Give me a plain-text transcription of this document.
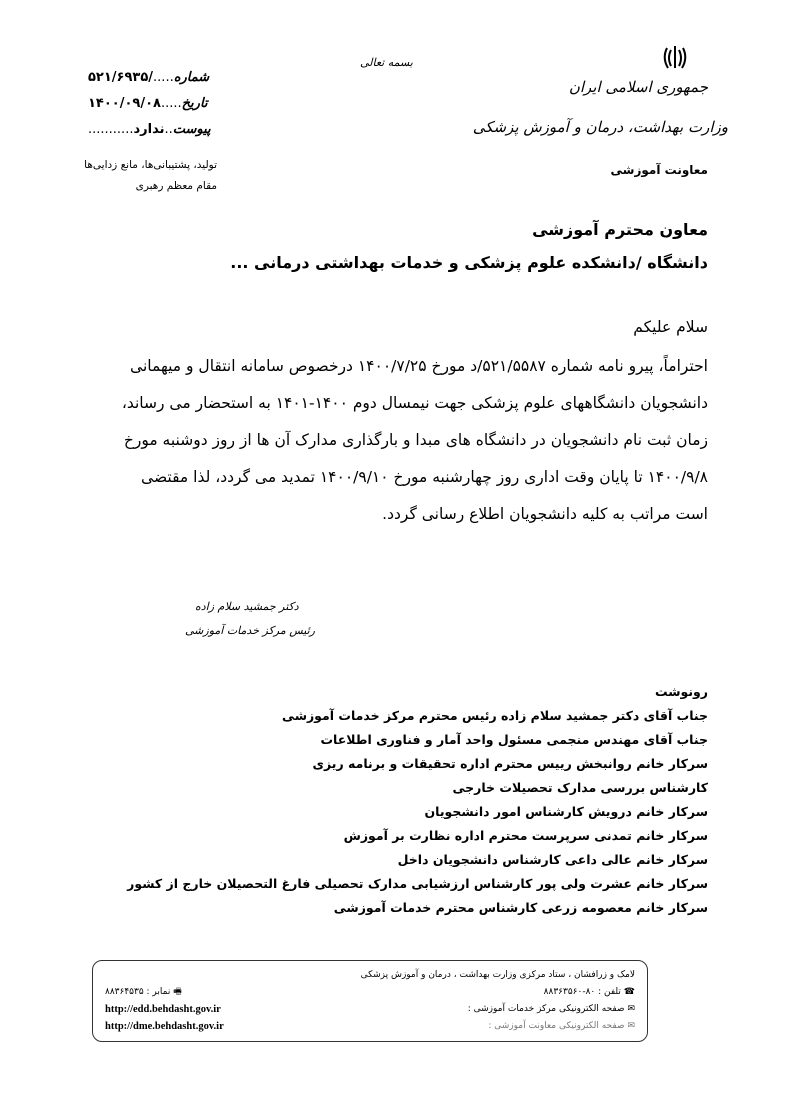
جمهوری اسلامی ایران
وزارت بهداشت، درمان و آموزش پزشکی
معاونت آموزشی
بسمه تعالی
شماره...../۵۲۱/۶۹۳۵
تاریخ.....۱۴۰۰/۰۹/۰۸
پیوست..ندارد...........
تولید، پشتیبانی‌ها، مانع زدایی‌ها
مقام معظم رهبری
معاون محترم آموزشی
دانشگاه /دانشکده علوم پزشکی و خدمات بهداشتی درمانی ...
سلام علیکم
احتراماً، پیرو نامه شماره ۵۲۱/۵۵۸۷/د مورخ ۱۴۰۰/۷/۲۵ درخصوص سامانه انتقال و میهمانی
دانشجویان دانشگاههای علوم پزشکی جهت نیمسال دوم ۱۴۰۰-۱۴۰۱ به استحضار می رساند،
زمان ثبت نام دانشجویان در دانشگاه های مبدا و بارگذاری مدارک آن ها از روز دوشنبه مورخ
۱۴۰۰/۹/۸ تا پایان وقت اداری روز چهارشنبه مورخ ۱۴۰۰/۹/۱۰ تمدید می گردد، لذا مقتضی
است مراتب به کلیه دانشجویان اطلاع رسانی گردد.
دکتر جمشید سلام زاده
رئیس مرکز خدمات آموزشی
رونوشت
جناب آقای دکتر جمشید سلام زاده رئیس محترم مرکز خدمات آموزشی
جناب آقای مهندس منجمی مسئول واحد آمار و فناوری اطلاعات
سرکار خانم روانبخش رییس محترم اداره تحقیقات و برنامه ریزی
کارشناس بررسی مدارک تحصیلات خارجی
سرکار خانم درویش کارشناس امور دانشجویان
سرکار خانم تمدنی سرپرست محترم اداره نظارت بر آموزش
سرکار خانم عالی داعی کارشناس دانشجویان داخل
سرکار خانم عشرت ولی پور کارشناس ارزشیابی مدارک تحصیلی فارغ التحصیلان خارج از کشور
سرکار خانم معصومه زرعی کارشناس محترم خدمات آموزشی
لامک و زرافشان ، ستاد مرکزی وزارت بهداشت ، درمان و آموزش پزشکی
☎ تلفن : ۸۰-۸۸۳۶۳۵۶۰
🖷 نمابر : ۸۸۳۶۴۵۳۵
✉ صفحه الکترونیکی مرکز خدمات آموزشی :
http://edd.behdasht.gov.ir
✉ صفحه الکترونیکی معاونت آموزشی :
http://dme.behdasht.gov.ir
